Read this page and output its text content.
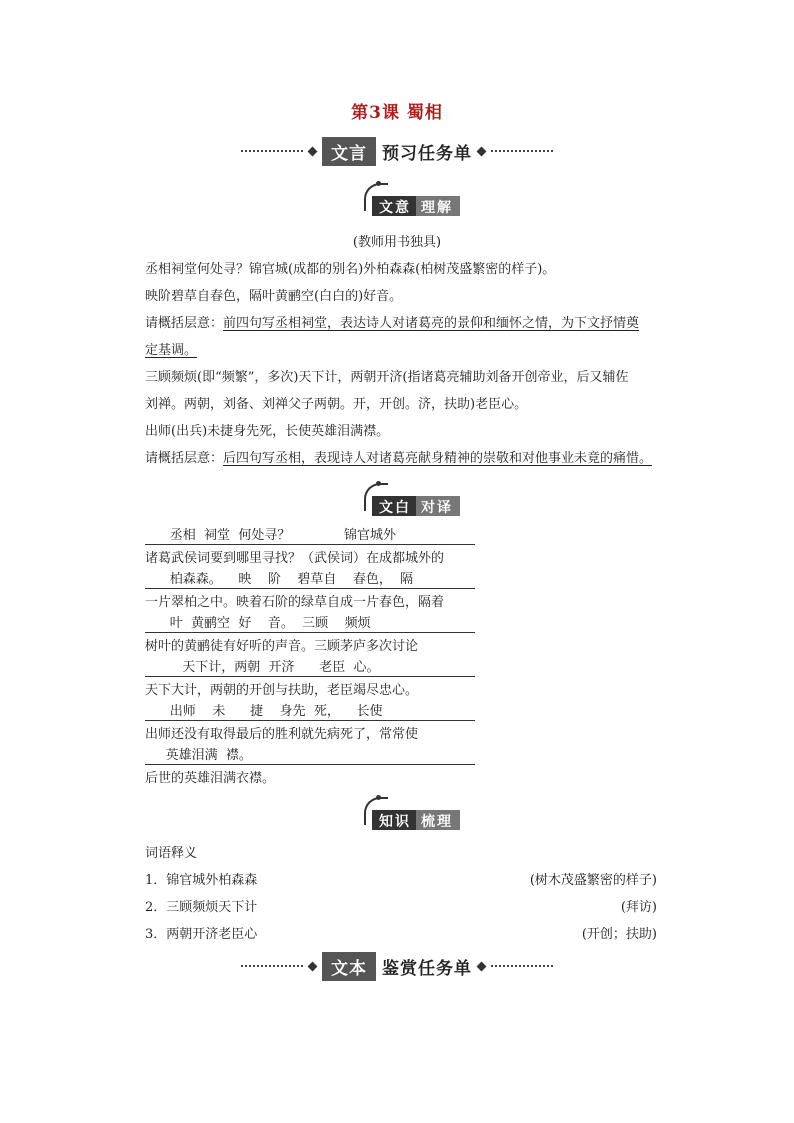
第3课 蜀相
文言 预习任务单
文意 理解
(教师用书独具)
丞相祠堂何处寻？锦官城(成都的别名)外柏森森(柏树茂盛繁密的样子)。
映阶碧草自春色，隔叶黄鹂空(白白的)好音。
请概括层意：前四句写丞相祠堂，表达诗人对诸葛亮的景仰和缅怀之情，为下文抒情奠
定基调。
三顾频烦(即“频繁”，多次)天下计，两朝开济(指诸葛亮辅助刘备开创帝业，后又辅佐
刘禅。两朝，刘备、刘禅父子两朝。开，开创。济，扶助)老臣心。
出师(出兵)未捷身先死，长使英雄泪满襟。
请概括层意：后四句写丞相，表现诗人对诸葛亮献身精神的崇敬和对他事业未竟的痛惜。
文白 对译
丞相  祠堂  何处寻？             锦官城外
诸葛武侯词要到哪里寻找？（武侯词）在成都城外的
柏森森。    映    阶    碧草自    春色，  隔
一片翠柏之中。映着石阶的绿草自成一片春色，隔着
叶  黄鹂空  好    音。  三顾    频烦
树叶的黄鹂徒有好听的声音。三顾茅庐多次讨论
天下计，两朝  开济      老臣  心。
天下大计，两朝的开创与扶助，老臣竭尽忠心。
出师    未      捷    身先  死，    长使
出师还没有取得最后的胜利就先病死了，常常使
英雄泪满  襟。
后世的英雄泪满衣襟。
知识 梳理
词语释义
1．锦官城外柏森森	(树木茂盛繁密的样子)
2．三顾频烦天下计	(拜访)
3．两朝开济老臣心	(开创；扶助)
文本 鉴赏任务单
